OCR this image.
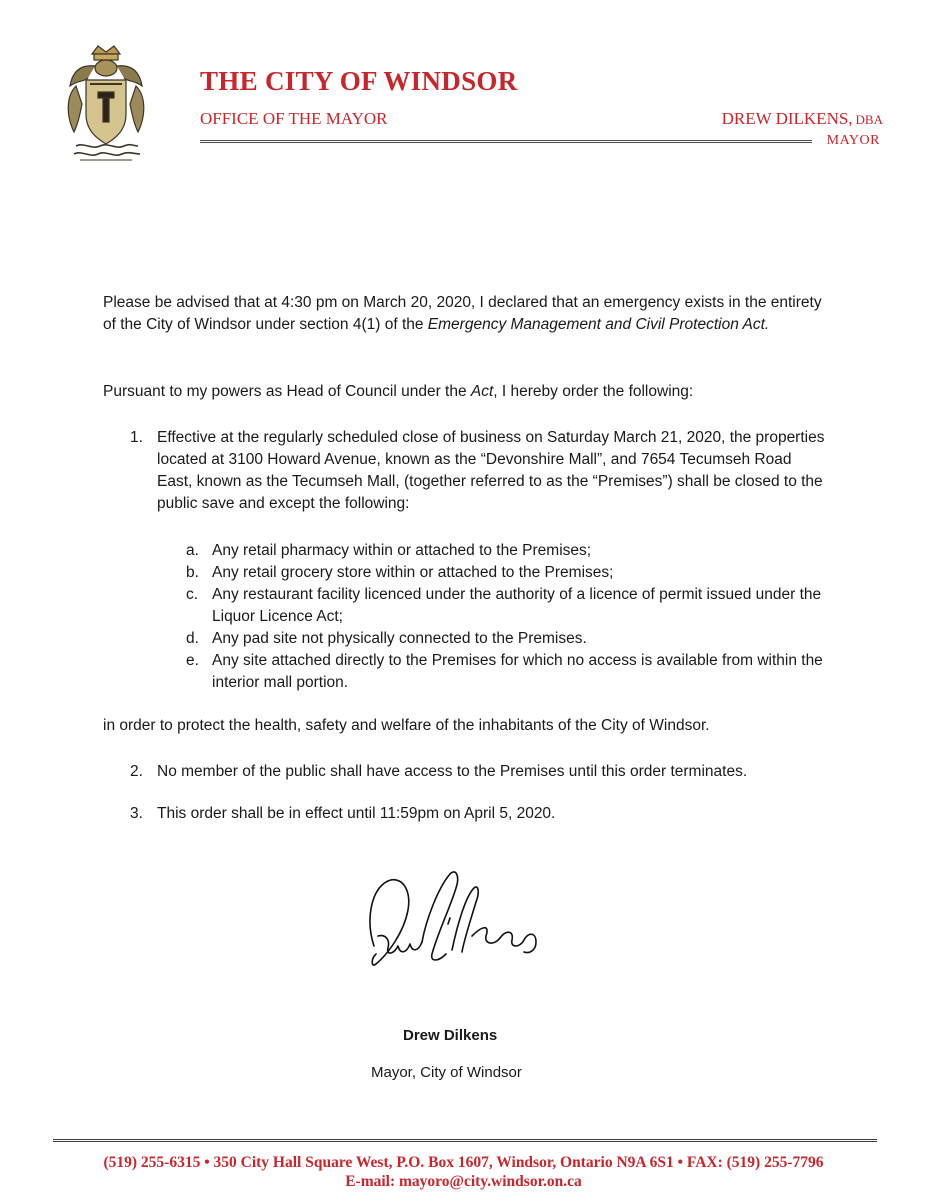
THE CITY OF WINDSOR
OFFICE OF THE MAYOR	DREW DILKENS, DBA
MAYOR
Please be advised that at 4:30 pm on March 20, 2020, I declared that an emergency exists in the entirety of the City of Windsor under section 4(1) of the Emergency Management and Civil Protection Act.
Pursuant to my powers as Head of Council under the Act, I hereby order the following:
1. Effective at the regularly scheduled close of business on Saturday March 21, 2020, the properties located at 3100 Howard Avenue, known as the “Devonshire Mall”, and 7654 Tecumseh Road East, known as the Tecumseh Mall, (together referred to as the “Premises”) shall be closed to the public save and except the following:
a. Any retail pharmacy within or attached to the Premises;
b. Any retail grocery store within or attached to the Premises;
c. Any restaurant facility licenced under the authority of a licence of permit issued under the Liquor Licence Act;
d. Any pad site not physically connected to the Premises.
e. Any site attached directly to the Premises for which no access is available from within the interior mall portion.
in order to protect the health, safety and welfare of the inhabitants of the City of Windsor.
2. No member of the public shall have access to the Premises until this order terminates.
3. This order shall be in effect until 11:59pm on April 5, 2020.
Drew Dilkens
Mayor, City of Windsor
(519) 255-6315 • 350 City Hall Square West, P.O. Box 1607, Windsor, Ontario N9A 6S1 • FAX: (519) 255-7796
E-mail: mayoro@city.windsor.on.ca
